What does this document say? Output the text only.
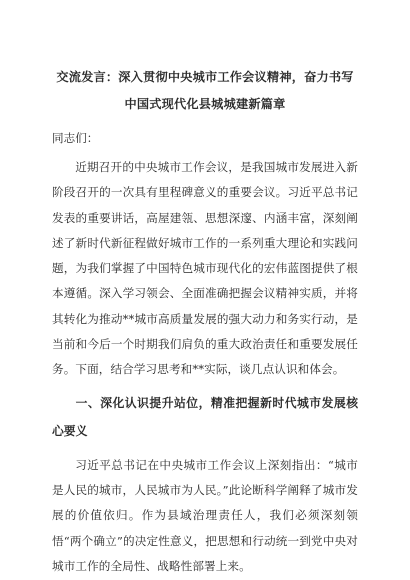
交流发言：深入贯彻中央城市工作会议精神，奋力书写中国式现代化县城城建新篇章

同志们：

近期召开的中央城市工作会议，是我国城市发展进入新阶段召开的一次具有里程碑意义的重要会议。习近平总书记发表的重要讲话，高屋建瓴、思想深邃、内涵丰富，深刻阐述了新时代新征程做好城市工作的一系列重大理论和实践问题，为我们掌握了中国特色城市现代化的宏伟蓝图提供了根本遵循。深入学习领会、全面准确把握会议精神实质，并将其转化为推动**城市高质量发展的强大动力和务实行动，是当前和今后一个时期我们肩负的重大政治责任和重要发展任务。下面，结合学习思考和**实际，谈几点认识和体会。

一、深化认识提升站位，精准把握新时代城市发展核心要义

习近平总书记在中央城市工作会议上深刻指出：“城市是人民的城市，人民城市为人民。”此论断科学阐释了城市发展的价值依归。作为县域治理责任人，我们必须深刻领悟“两个确立”的决定性意义，把思想和行动统一到党中央对城市工作的全局性、战略性部署上来。
